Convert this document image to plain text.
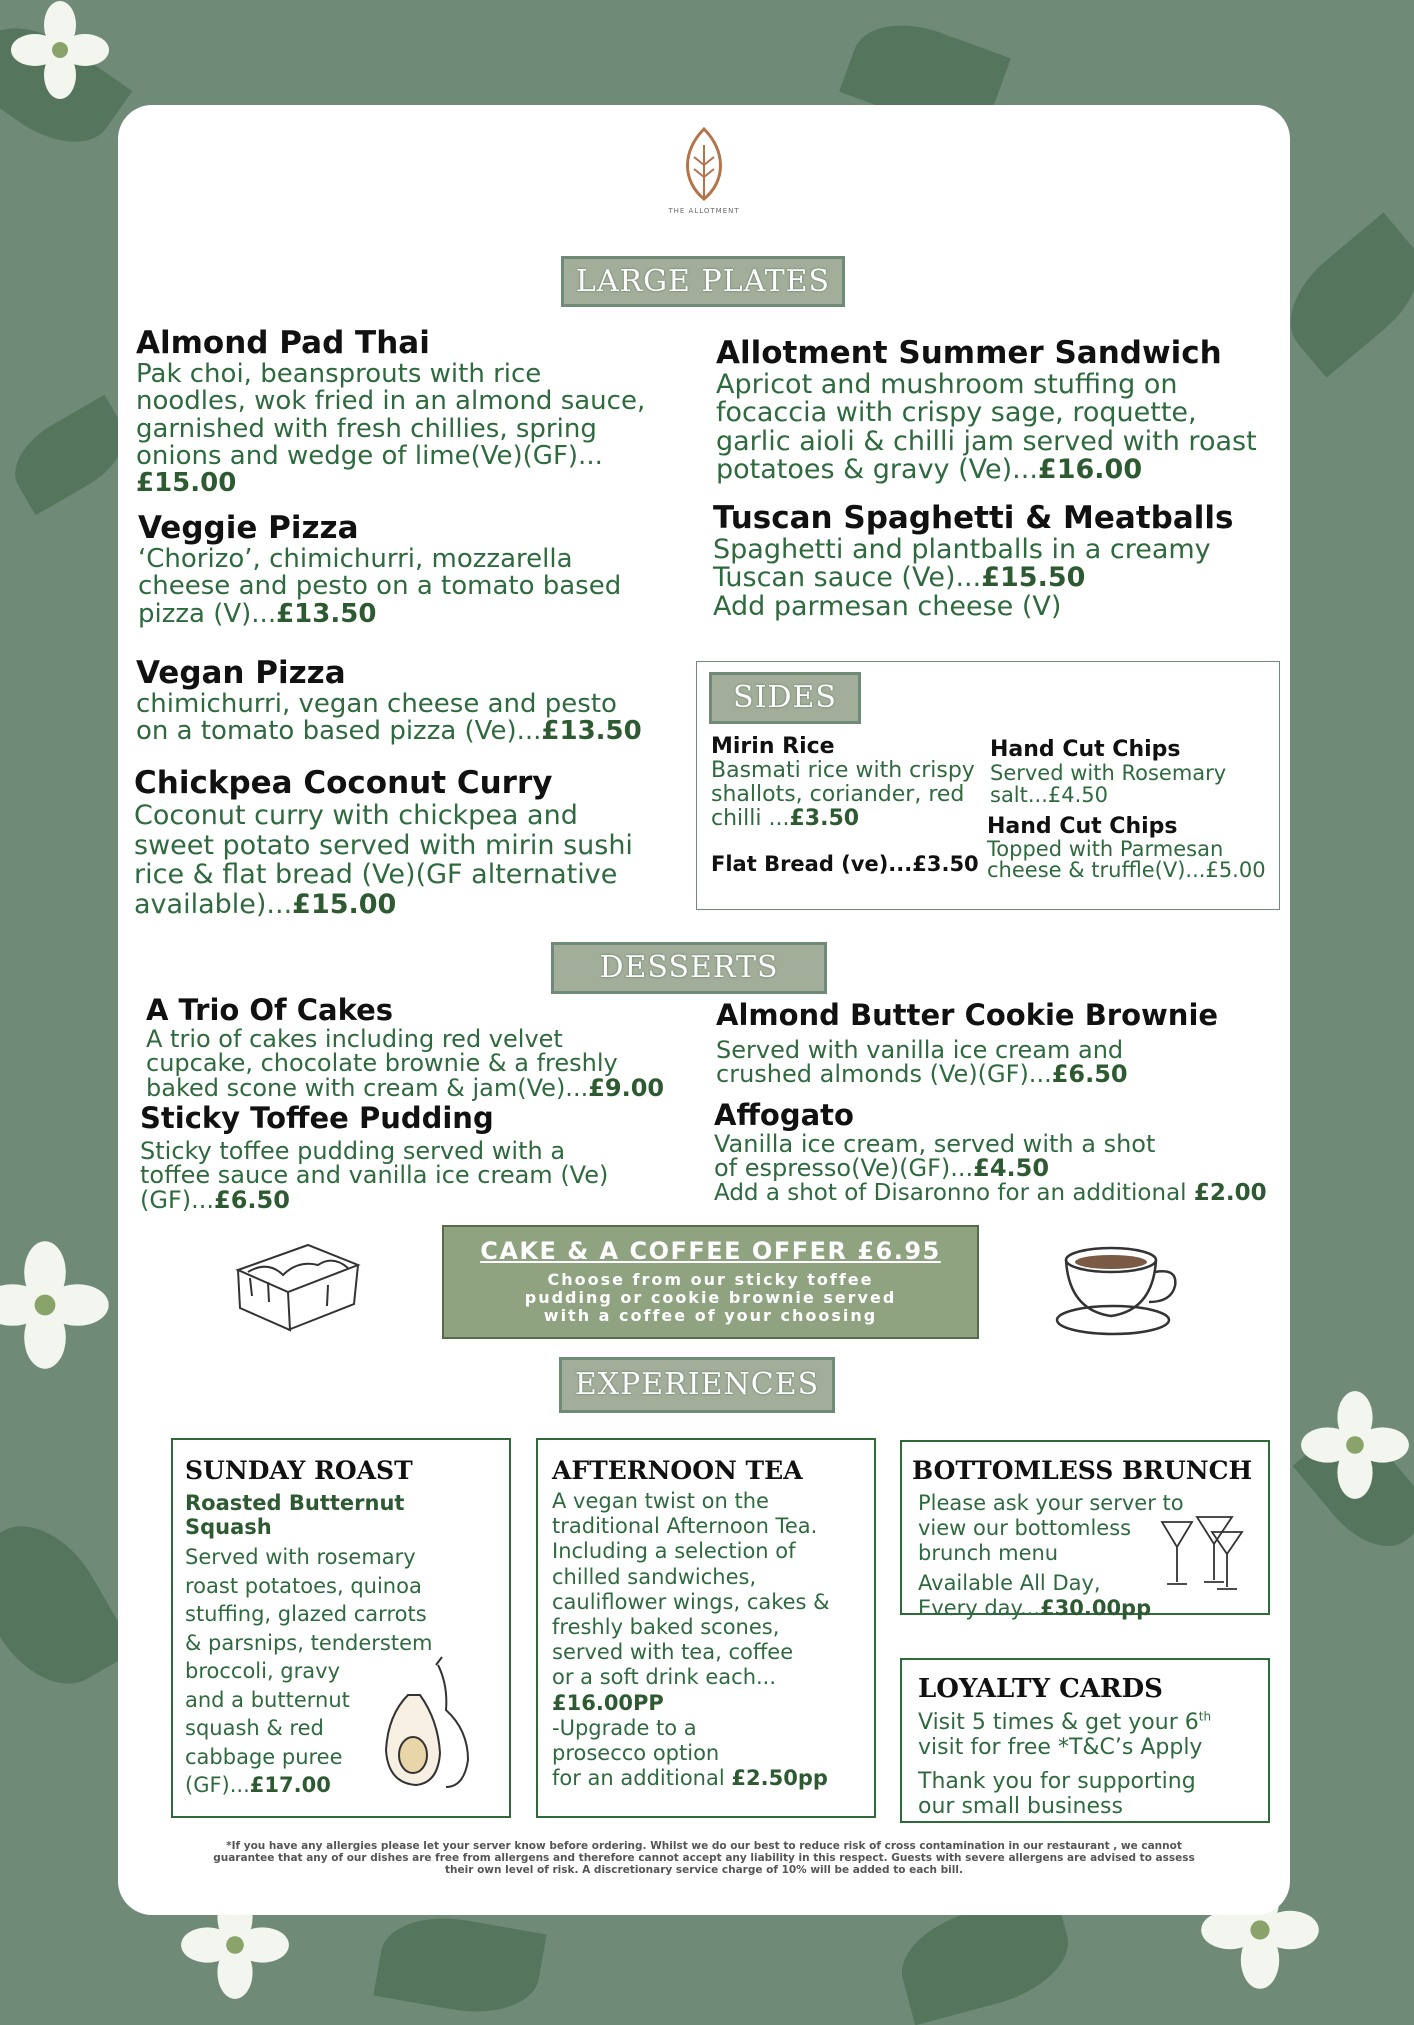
THE ALLOTMENT
LARGE PLATES
Almond Pad Thai
Pak choi, beansprouts with rice noodles, wok fried in an almond sauce, garnished with fresh chillies, spring onions and wedge of lime(Ve)(GF)...£15.00
Veggie Pizza
‘Chorizo’, chimichurri, mozzarella cheese and pesto on a tomato based pizza (V)...£13.50
Vegan Pizza
chimichurri, vegan cheese and pesto on a tomato based pizza (Ve)...£13.50
Chickpea Coconut Curry
Coconut curry with chickpea and sweet potato served with mirin sushi rice & flat bread (Ve)(GF alternative available)...£15.00
Allotment Summer Sandwich
Apricot and mushroom stuffing on focaccia with crispy sage, roquette, garlic aioli & chilli jam served with roast potatoes & gravy (Ve)...£16.00
Tuscan Spaghetti & Meatballs
Spaghetti and plantballs in a creamy Tuscan sauce (Ve)...£15.50
Add parmesan cheese (V)
SIDES
Mirin Rice
Basmati rice with crispy shallots, coriander, red chilli ...£3.50
Flat Bread (ve)...£3.50
Hand Cut Chips
Served with Rosemary salt...£4.50
Hand Cut Chips
Topped with Parmesan cheese & truffle(V)...£5.00
DESSERTS
A Trio Of Cakes
A trio of cakes including red velvet cupcake, chocolate brownie & a freshly baked scone with cream & jam(Ve)...£9.00
Sticky Toffee Pudding
Sticky toffee pudding served with a toffee sauce and vanilla ice cream (Ve)(GF)...£6.50
Almond Butter Cookie Brownie
Served with vanilla ice cream and crushed almonds (Ve)(GF)...£6.50
Affogato
Vanilla ice cream, served with a shot of espresso(Ve)(GF)...£4.50
Add a shot of Disaronno for an additional £2.00
CAKE & A COFFEE OFFER £6.95
Choose from our sticky toffee
pudding or cookie brownie served
with a coffee of your choosing
EXPERIENCES
SUNDAY ROAST
Roasted Butternut Squash
Served with rosemary
roast potatoes, quinoa
stuffing, glazed carrots
& parsnips, tenderstem
broccoli, gravy
and a butternut
squash & red
cabbage puree
(GF)...£17.00
AFTERNOON TEA
A vegan twist on the
traditional Afternoon Tea.
Including a selection of
chilled sandwiches,
cauliflower wings, cakes &
freshly baked scones,
served with tea, coffee
or a soft drink each...
£16.00PP
-Upgrade to a
prosecco option
for an additional £2.50pp
BOTTOMLESS BRUNCH
Please ask your server to
view our bottomless
brunch menu
Available All Day,
Every day...£30.00pp
LOYALTY CARDS
Visit 5 times & get your 6th
visit for free *T&C’s Apply
Thank you for supporting
our small business
*If you have any allergies please let your server know before ordering. Whilst we do our best to reduce risk of cross contamination in our restaurant , we cannot
guarantee that any of our dishes are free from allergens and therefore cannot accept any liability in this respect. Guests with severe allergens are advised to assess
their own level of risk. A discretionary service charge of 10% will be added to each bill.
